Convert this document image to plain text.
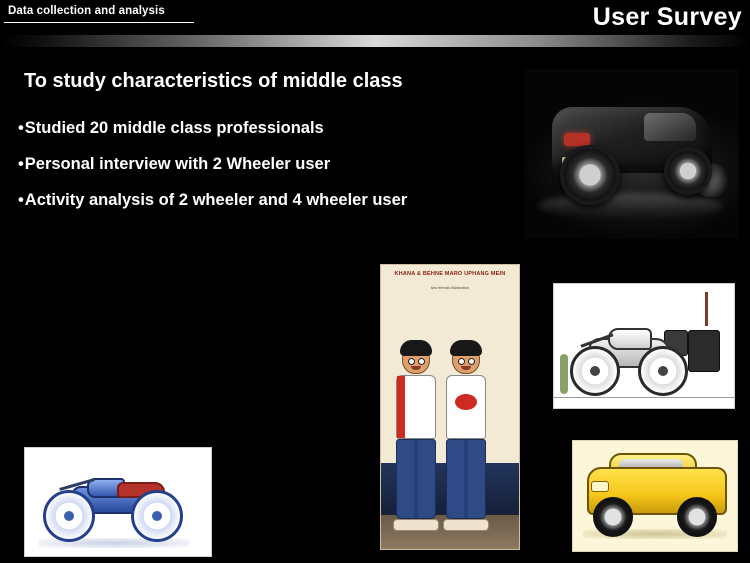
Data collection and analysis	User Survey
To study characteristics of middle class
•Studied 20 middle class professionals
•Personal interview with 2 Wheeler user
•Activity analysis of 2 wheeler and 4 wheeler user
KHANA & BEHNE MARO UPHANG MEIN
two friends illustration
